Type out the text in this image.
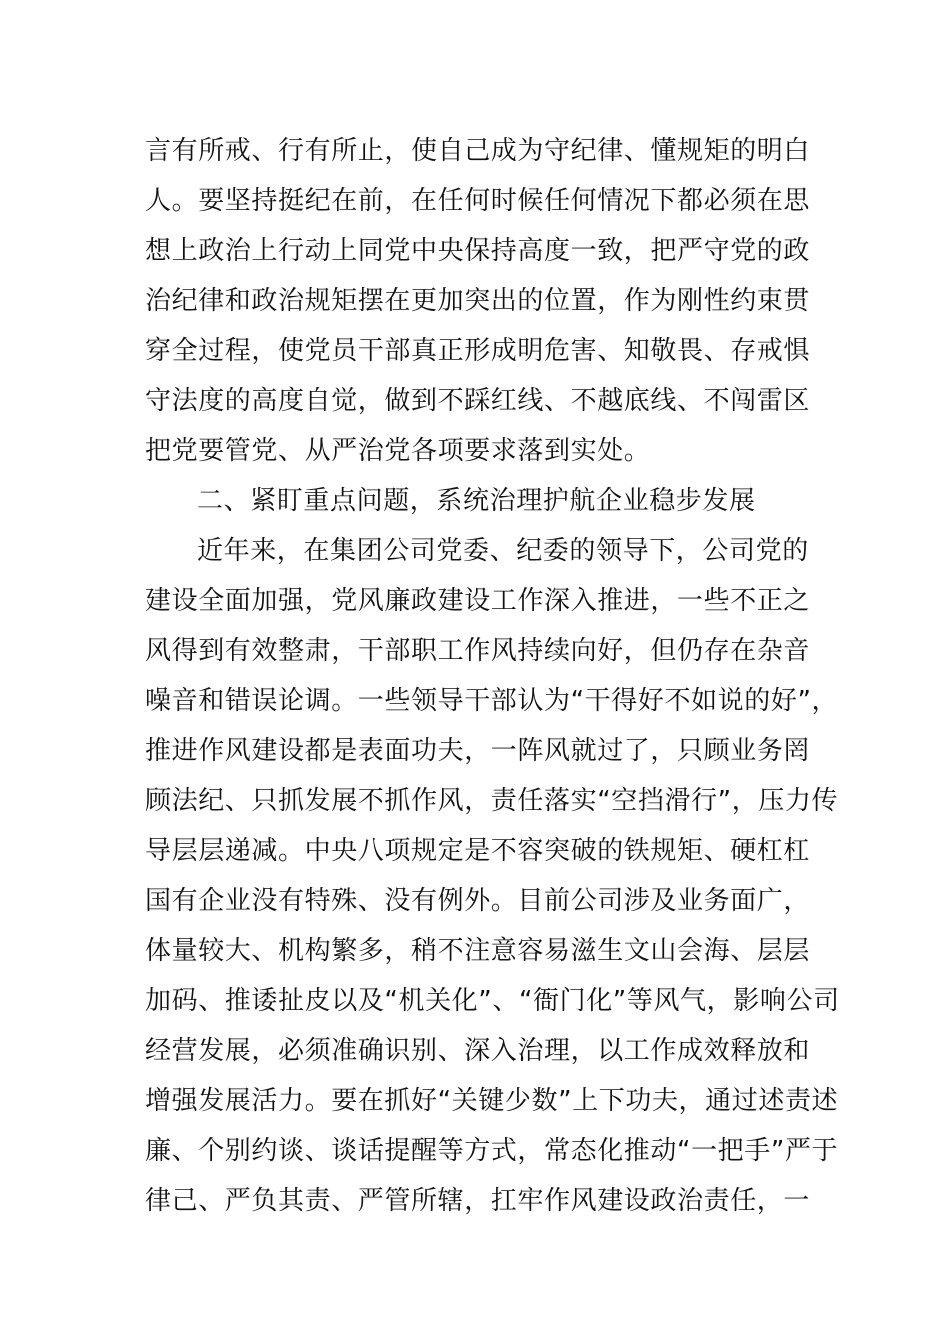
言有所戒、行有所止，使自己成为守纪律、懂规矩的明白
人。要坚持挺纪在前，在任何时候任何情况下都必须在思
想上政治上行动上同党中央保持高度一致，把严守党的政
治纪律和政治规矩摆在更加突出的位置，作为刚性约束贯
穿全过程，使党员干部真正形成明危害、知敬畏、存戒惧
守法度的高度自觉，做到不踩红线、不越底线、不闯雷区
把党要管党、从严治党各项要求落到实处。
二、紧盯重点问题，系统治理护航企业稳步发展
近年来，在集团公司党委、纪委的领导下，公司党的
建设全面加强，党风廉政建设工作深入推进，一些不正之
风得到有效整肃，干部职工作风持续向好，但仍存在杂音
噪音和错误论调。一些领导干部认为“干得好不如说的好”，
推进作风建设都是表面功夫，一阵风就过了，只顾业务罔
顾法纪、只抓发展不抓作风，责任落实“空挡滑行”，压力传
导层层递减。中央八项规定是不容突破的铁规矩、硬杠杠
国有企业没有特殊、没有例外。目前公司涉及业务面广，
体量较大、机构繁多，稍不注意容易滋生文山会海、层层
加码、推诿扯皮以及“机关化”、“衙门化”等风气，影响公司
经营发展，必须准确识别、深入治理，以工作成效释放和
增强发展活力。要在抓好“关键少数”上下功夫，通过述责述
廉、个别约谈、谈话提醒等方式，常态化推动“一把手”严于
律己、严负其责、严管所辖，扛牢作风建设政治责任，一
